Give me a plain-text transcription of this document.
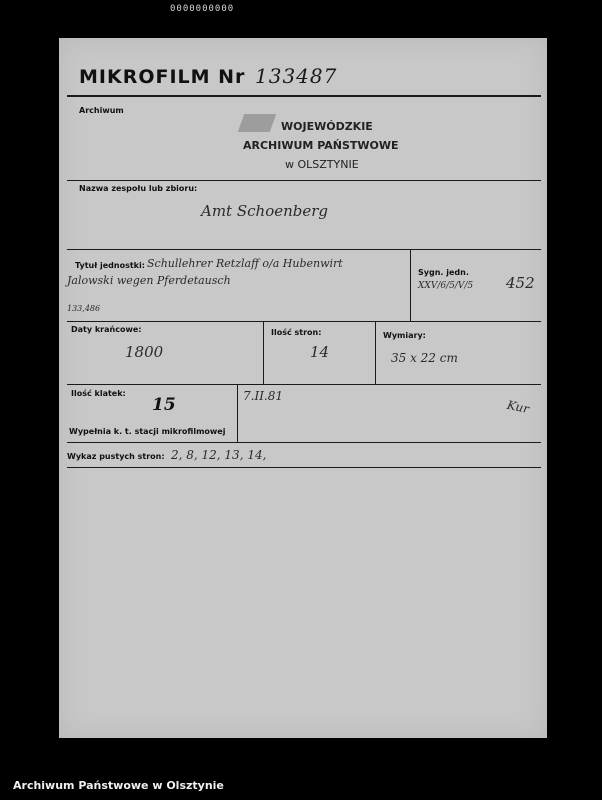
0000000000
MIKROFILM Nr 133487
Archiwum
WOJEWÓDZKIE
ARCHIWUM PAŃSTWOWE
w OLSZTYNIE
Nazwa zespołu lub zbioru:
Amt Schoenberg
Tytuł jednostki: Schullehrer Retzlaff o/a Hubenwirt
Jalowski wegen Pferdetausch
133,486
Sygn. jedn.
XXV/6/5/V/5 452
Daty krańcowe:
1800
Ilość stron:
14
Wymiary:
35 x 22 cm
Ilość klatek:
15
Wypełnia k. t. stacji mikrofilmowej
7.II.81
Kur
Wykaz pustych stron: 2, 8, 12, 13, 14,
Archiwum Państwowe w Olsztynie
